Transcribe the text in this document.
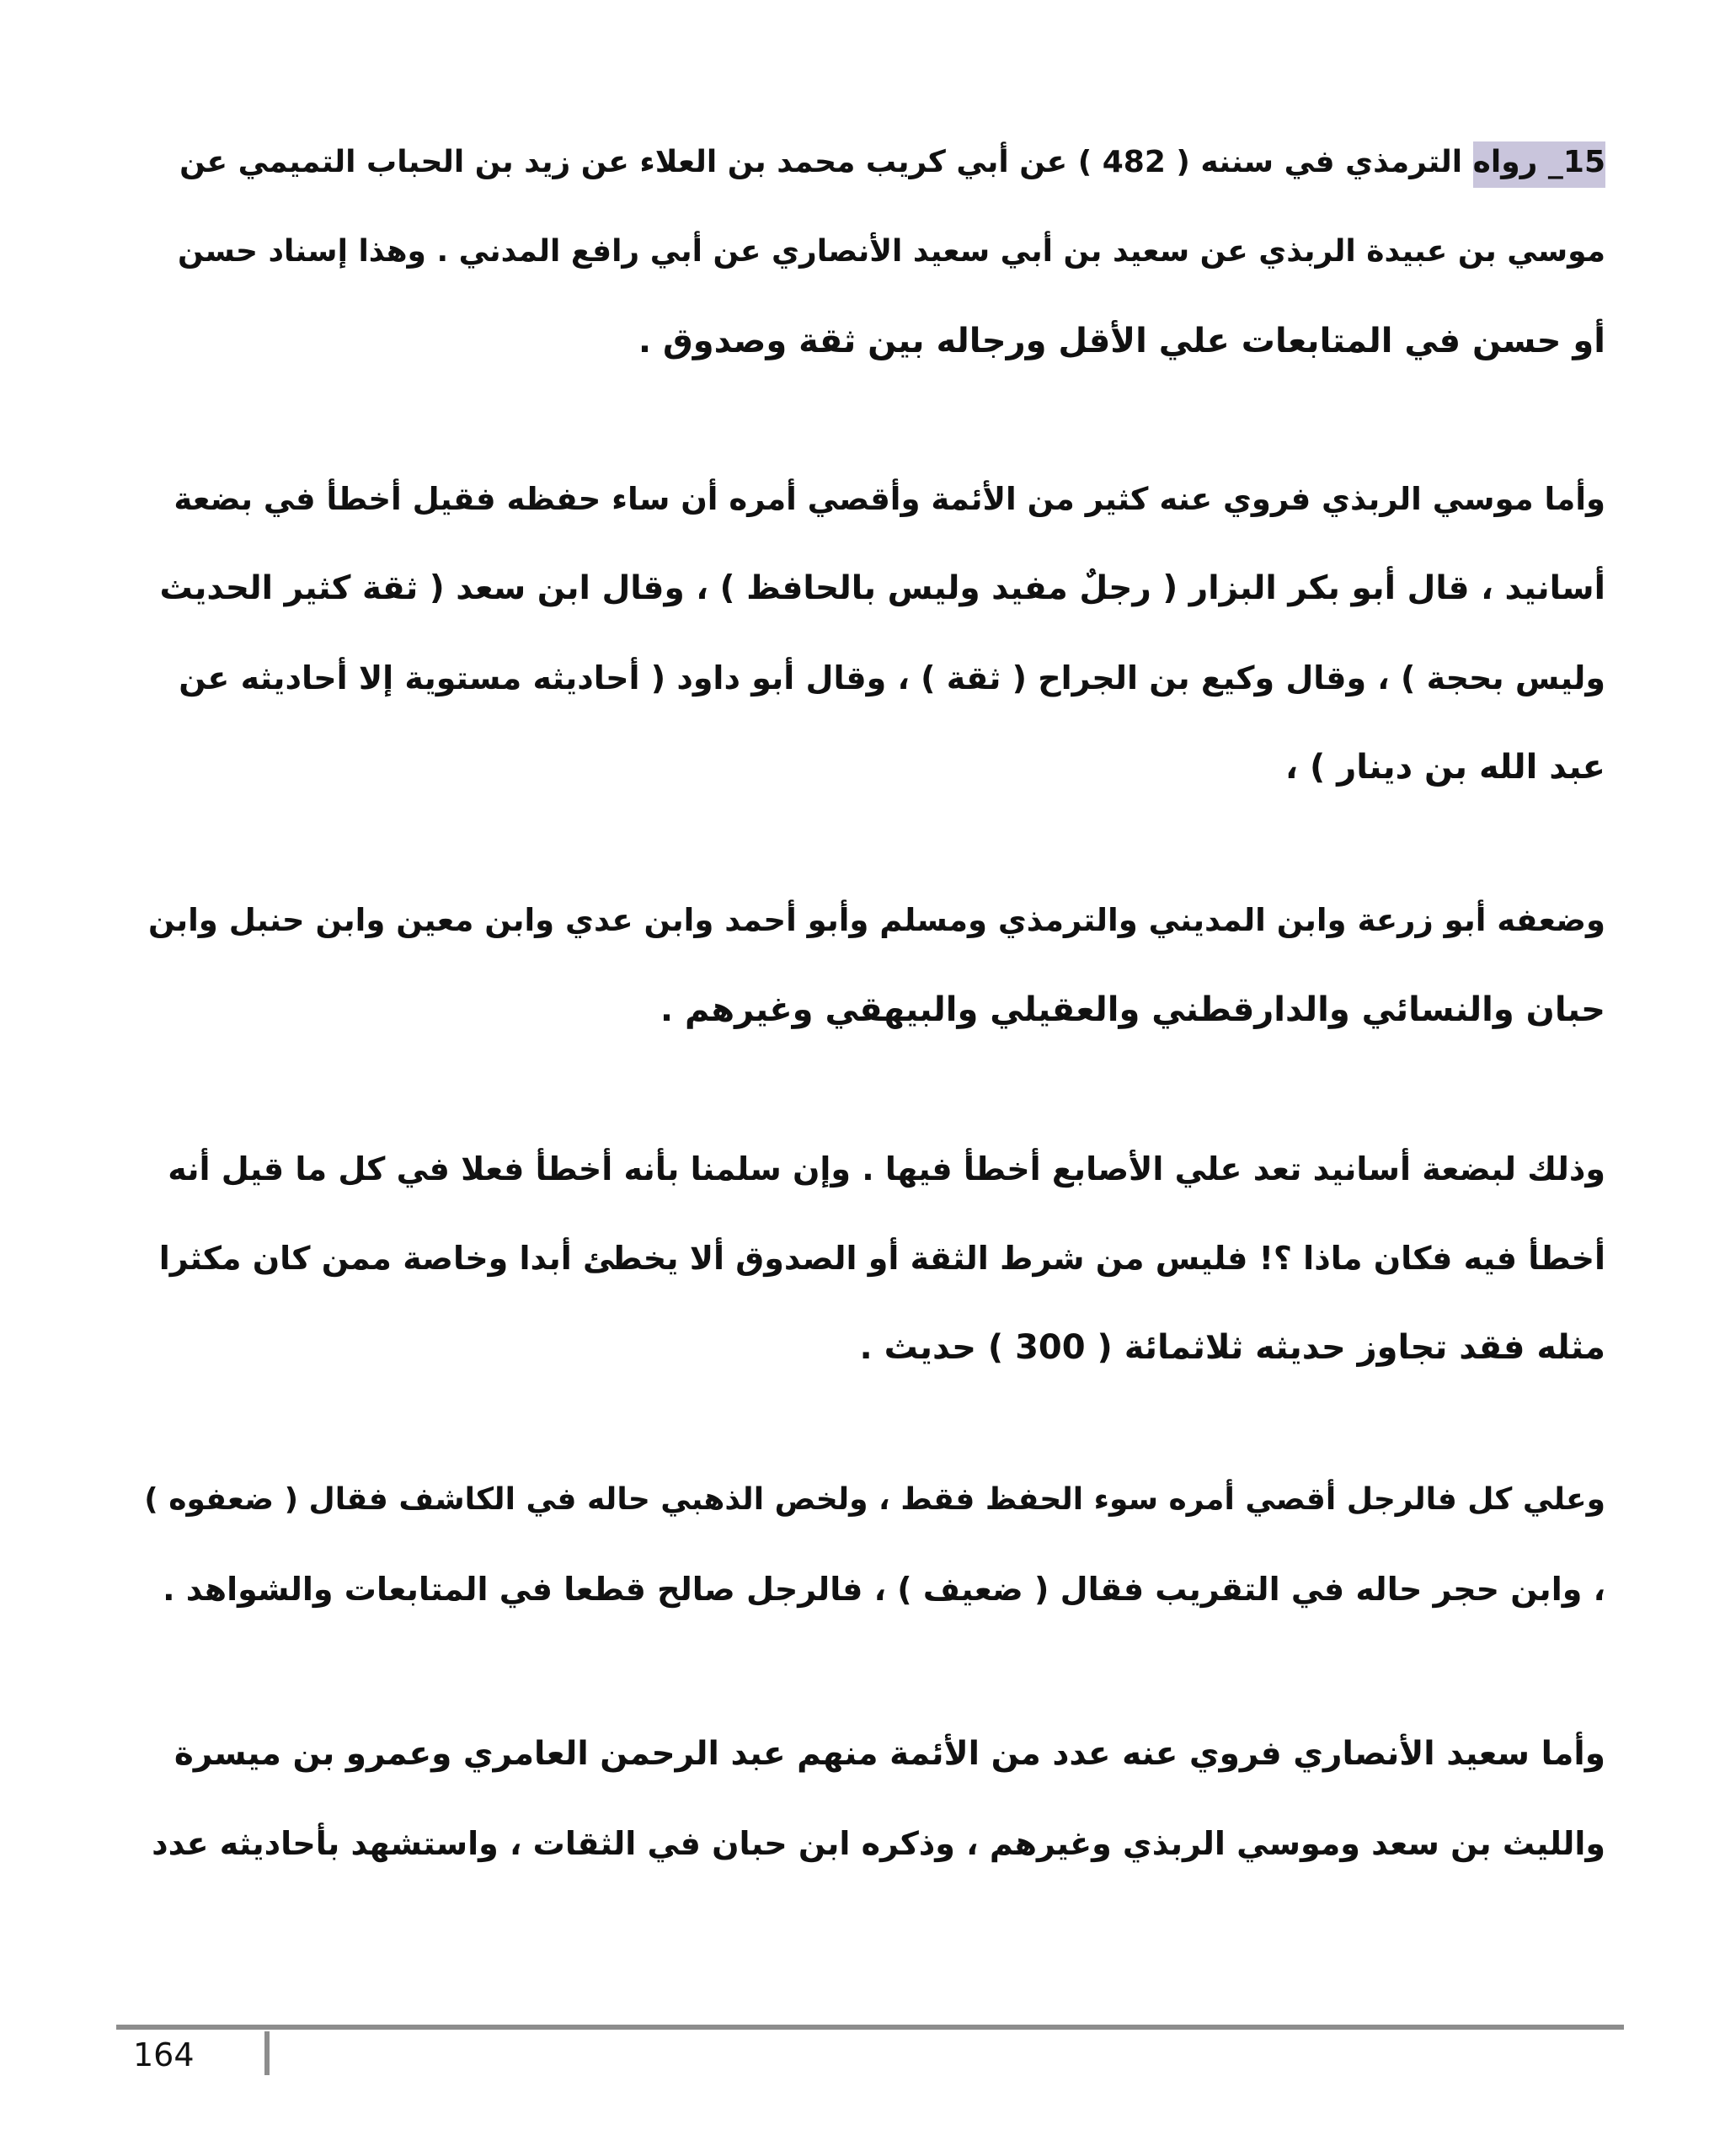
15_ رواه الترمذي في سننه ( 482 ) عن أبي كريب محمد بن العلاء عن زيد بن الحباب التميمي عن
موسي بن عبيدة الربذي عن سعيد بن أبي سعيد الأنصاري عن أبي رافع المدني . وهذا إسناد حسن
أو حسن في المتابعات علي الأقل ورجاله بين ثقة وصدوق .
وأما موسي الربذي فروي عنه كثير من الأئمة وأقصي أمره أن ساء حفظه فقيل أخطأ في بضعة
أسانيد ، قال أبو بكر البزار ( رجلٌ مفيد وليس بالحافظ ) ، وقال ابن سعد ( ثقة كثير الحديث
وليس بحجة ) ، وقال وكيع بن الجراح ( ثقة ) ، وقال أبو داود ( أحاديثه مستوية إلا أحاديثه عن
عبد الله بن دينار ) ،
وضعفه أبو زرعة وابن المديني والترمذي ومسلم وأبو أحمد وابن عدي وابن معين وابن حنبل وابن
حبان والنسائي والدارقطني والعقيلي والبيهقي وغيرهم .
وذلك لبضعة أسانيد تعد علي الأصابع أخطأ فيها . وإن سلمنا بأنه أخطأ فعلا في كل ما قيل أنه
أخطأ فيه فكان ماذا ؟! فليس من شرط الثقة أو الصدوق ألا يخطئ أبدا وخاصة ممن كان مكثرا
مثله فقد تجاوز حديثه ثلاثمائة ( 300 ) حديث .
وعلي كل فالرجل أقصي أمره سوء الحفظ فقط ، ولخص الذهبي حاله في الكاشف فقال ( ضعفوه )
، وابن حجر حاله في التقريب فقال ( ضعيف ) ، فالرجل صالح قطعا في المتابعات والشواهد .
وأما سعيد الأنصاري فروي عنه عدد من الأئمة منهم عبد الرحمن العامري وعمرو بن ميسرة
والليث بن سعد وموسي الربذي وغيرهم ، وذكره ابن حبان في الثقات ، واستشهد بأحاديثه عدد
164
